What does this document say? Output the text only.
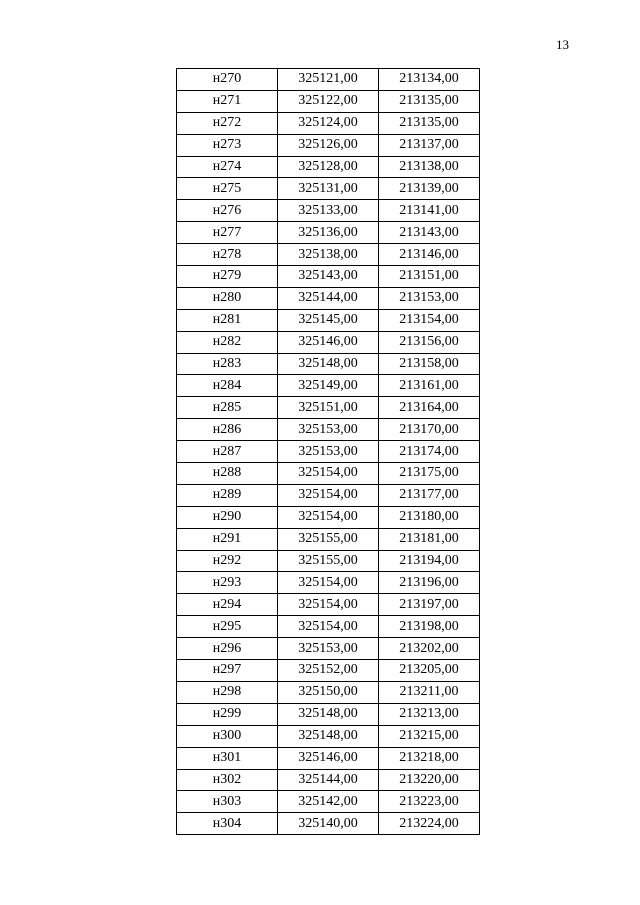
13
н270	325121,00	213134,00
н271	325122,00	213135,00
н272	325124,00	213135,00
н273	325126,00	213137,00
н274	325128,00	213138,00
н275	325131,00	213139,00
н276	325133,00	213141,00
н277	325136,00	213143,00
н278	325138,00	213146,00
н279	325143,00	213151,00
н280	325144,00	213153,00
н281	325145,00	213154,00
н282	325146,00	213156,00
н283	325148,00	213158,00
н284	325149,00	213161,00
н285	325151,00	213164,00
н286	325153,00	213170,00
н287	325153,00	213174,00
н288	325154,00	213175,00
н289	325154,00	213177,00
н290	325154,00	213180,00
н291	325155,00	213181,00
н292	325155,00	213194,00
н293	325154,00	213196,00
н294	325154,00	213197,00
н295	325154,00	213198,00
н296	325153,00	213202,00
н297	325152,00	213205,00
н298	325150,00	213211,00
н299	325148,00	213213,00
н300	325148,00	213215,00
н301	325146,00	213218,00
н302	325144,00	213220,00
н303	325142,00	213223,00
н304	325140,00	213224,00
